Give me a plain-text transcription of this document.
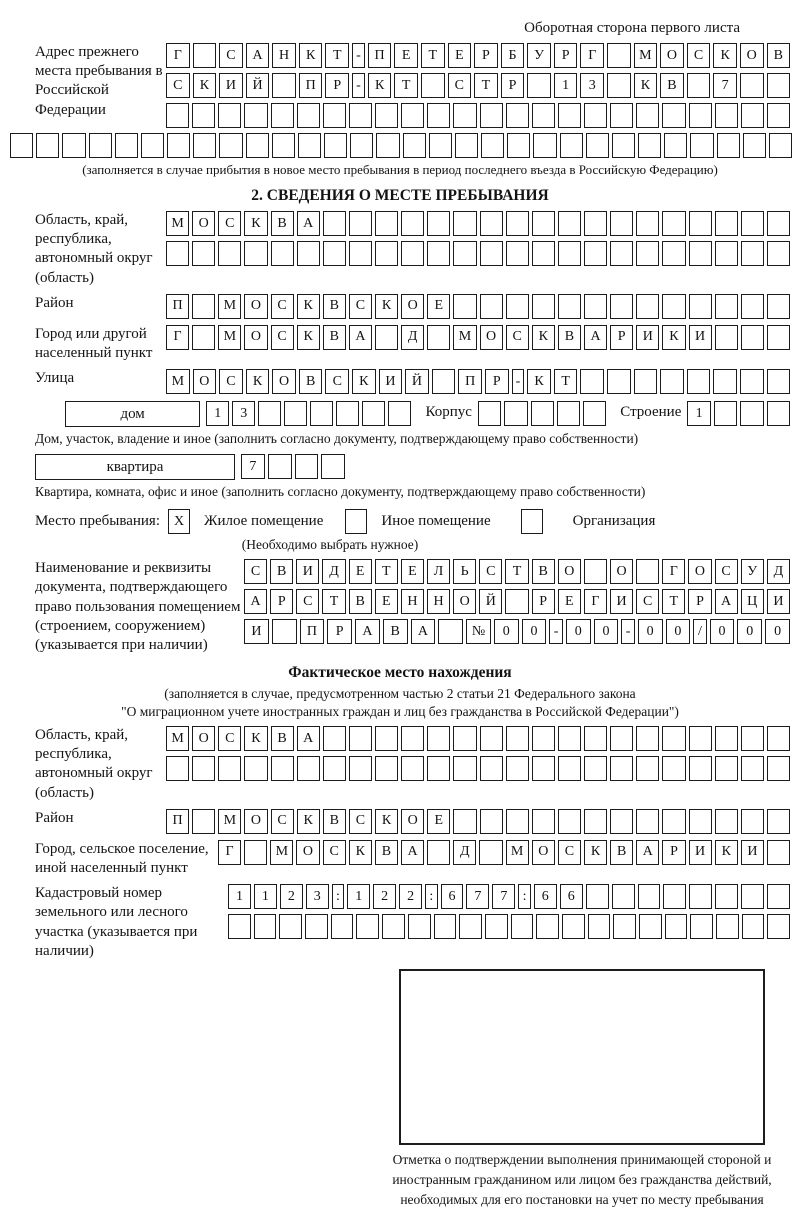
Оборотная сторона первого листа
Адрес прежнего места пребывания в Российской Федерации
Г	С	А	Н	К	Т	- П	Е	Т	Е	Р	Б	У	Р	Г	М	О	С	К	О	В
С	К	И	Й	П	Р	-	К	Т	С	Т	Р	1	3	К	В	7
(заполняется в случае прибытия в новое место пребывания в период последнего въезда в Российскую Федерацию)
2. СВЕДЕНИЯ О МЕСТЕ ПРЕБЫВАНИЯ
Область, край, республика, автономный округ (область)
М	О	С	К	В	А
Район	П	М	О	С	К	В	С	К	О	Е
Город или другой населенный пункт
Г	М	О	С	К	В	А	Д	М	О	С	К	В	А	Р	И	К	И
Улица	М	О	С	К	О	В	С	К	И	Й	П	Р	-	К	Т
дом	1	3	Корпус	Строение	1
Дом, участок, владение и иное (заполнить согласно документу, подтверждающему право собственности)
квартира	7
Квартира, комната, офис и иное (заполнить согласно документу, подтверждающему право собственности)
Место пребывания: X	Жилое помещение	Иное помещение	Организация
(Необходимо выбрать нужное)
Наименование и реквизиты документа, подтверждающего право пользования помещением (строением, сооружением) (указывается при наличии)
С	В	И	Д	Е	Т	Е	Л	Ь	С	Т	В	О	О	Г	О	С	У	Д
А	Р	С	Т	В	Е	Н	Н	О	Й	Р	Е	Г	И	С	Т	Р	А	Ц	И
И	П	Р	А	В	А	№	0	0	-	0	0	-	0	0	/	0	0	0
Фактическое место нахождения
(заполняется в случае, предусмотренном частью 2 статьи 21 Федерального закона
"О миграционном учете иностранных граждан и лиц без гражданства в Российской Федерации")
Область, край, республика, автономный округ (область)
М	О	С	К	В	А
Район	П	М	О	С	К	В	С	К	О	Е
Город, сельское поселение, иной населенный пункт
Г	М	О	С	К	В	А	Д	М	О	С	К	В	А	Р	И	К	И
Кадастровый номер земельного или лесного участка (указывается при наличии)
1	1	2	3	:	1	2	2	:	6	7	7	:	6	6
Отметка о подтверждении выполнения принимающей стороной и иностранным гражданином или лицом без гражданства действий, необходимых для его постановки на учет по месту пребывания
